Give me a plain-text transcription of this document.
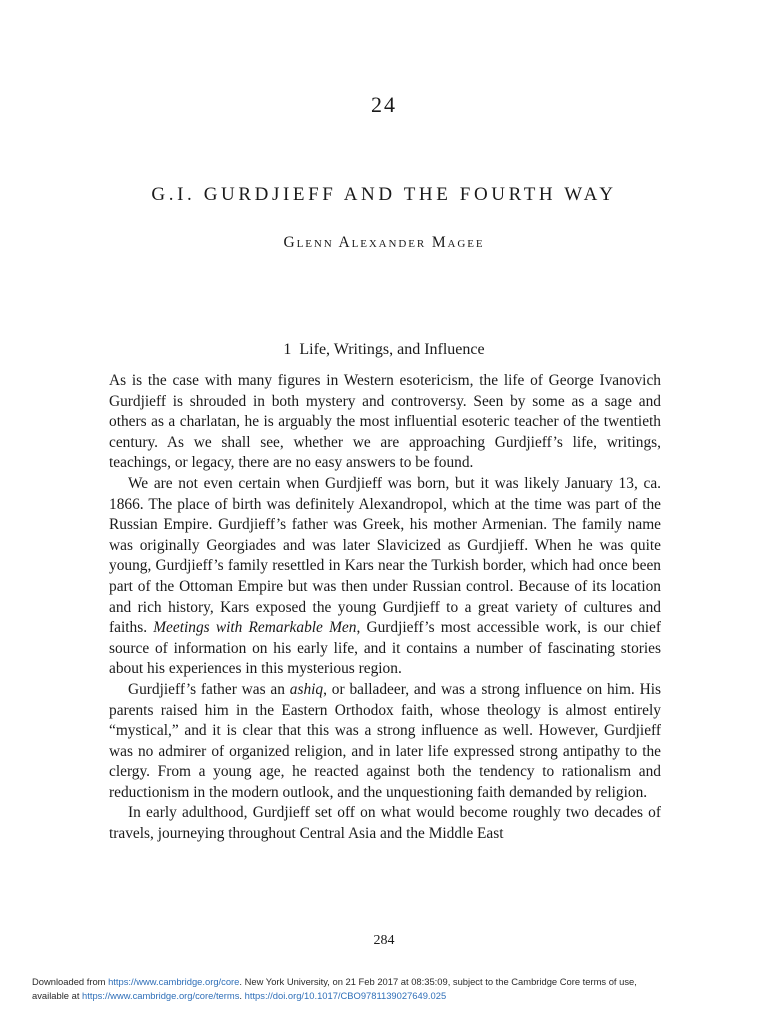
24
G.I. GURDJIEFF AND THE FOURTH WAY
Glenn Alexander Magee
1 Life, Writings, and Influence

As is the case with many figures in Western esotericism, the life of George Ivanovich Gurdjieff is shrouded in both mystery and controversy. Seen by some as a sage and others as a charlatan, he is arguably the most influential esoteric teacher of the twentieth century. As we shall see, whether we are approaching Gurdjieff’s life, writings, teachings, or legacy, there are no easy answers to be found.

We are not even certain when Gurdjieff was born, but it was likely January 13, ca. 1866. The place of birth was definitely Alexandropol, which at the time was part of the Russian Empire. Gurdjieff’s father was Greek, his mother Armenian. The family name was originally Georgiades and was later Slavicized as Gurdjieff. When he was quite young, Gurdjieff’s family resettled in Kars near the Turkish border, which had once been part of the Ottoman Empire but was then under Russian control. Because of its location and rich history, Kars exposed the young Gurdjieff to a great variety of cultures and faiths. Meetings with Remarkable Men, Gurdjieff’s most accessible work, is our chief source of information on his early life, and it contains a number of fascinating stories about his experiences in this mysterious region.

Gurdjieff’s father was an ashiq, or balladeer, and was a strong influence on him. His parents raised him in the Eastern Orthodox faith, whose theology is almost entirely “mystical,” and it is clear that this was a strong influence as well. However, Gurdjieff was no admirer of organized religion, and in later life expressed strong antipathy to the clergy. From a young age, he reacted against both the tendency to rationalism and reductionism in the modern outlook, and the unquestioning faith demanded by religion.

In early adulthood, Gurdjieff set off on what would become roughly two decades of travels, journeying throughout Central Asia and the Middle East

284
Downloaded from https://www.cambridge.org/core. New York University, on 21 Feb 2017 at 08:35:09, subject to the Cambridge Core terms of use,
available at https://www.cambridge.org/core/terms. https://doi.org/10.1017/CBO9781139027649.025
